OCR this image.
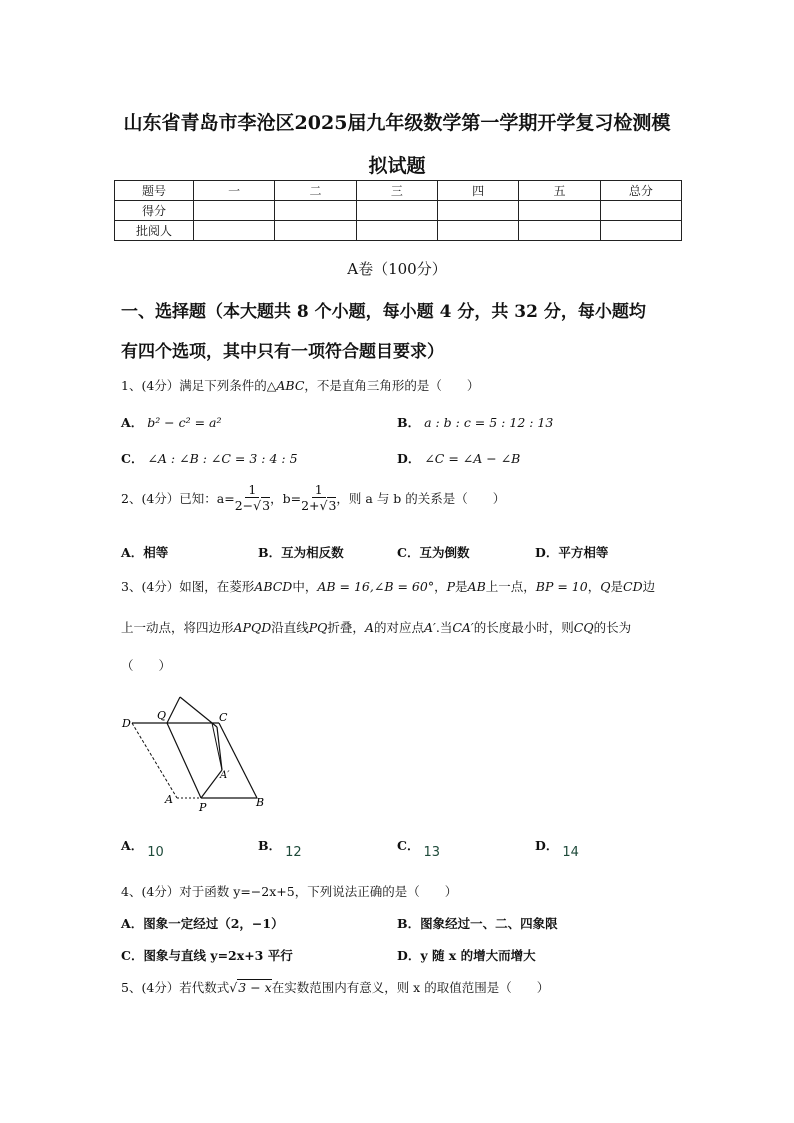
山东省青岛市李沧区2025届九年级数学第一学期开学复习检测模
拟试题
题号	一	二	三	四	五	总分
得分						
批阅人						
A卷（100分）
一、选择题（本大题共 8 个小题，每小题 4 分，共 32 分，每小题均
有四个选项，其中只有一项符合题目要求）
1、(4分）满足下列条件的△ABC，不是直角三角形的是（　　）
A． b² − c² = a²	B． a : b : c = 5 : 12 : 13
C． ∠A : ∠B : ∠C = 3 : 4 : 5	D． ∠C = ∠A − ∠B
2、(4分）已知：$a= \frac{1}{2-√3}$ ，$b= \frac{1}{2+√3}$ ，则 a 与 b 的关系是（　　）
A．相等	B．互为相反数	C．互为倒数	D．平方相等
3、(4分）如图，在菱形ABCD中，AB = 16,∠B = 60°，P是AB上一点，BP = 10，Q是CD边
上一动点，将四边形APQD沿直线PQ折叠，A的对应点A′.当CA′的长度最小时，则CQ的长为
（　　）
D
Q	C
A′
A
P	B
A． 10	B． 12	C． 13	D． 14
4、(4分）对于函数 y=−2x+5，下列说法正确的是（　　）
A．图象一定经过（2，−1）	B．图象经过一、二、四象限
C．图象与直线 y=2x+3 平行	D．y 随 x 的增大而增大
5、(4分）若代数式√3 − x在实数范围内有意义，则 x 的取值范围是（　　）
